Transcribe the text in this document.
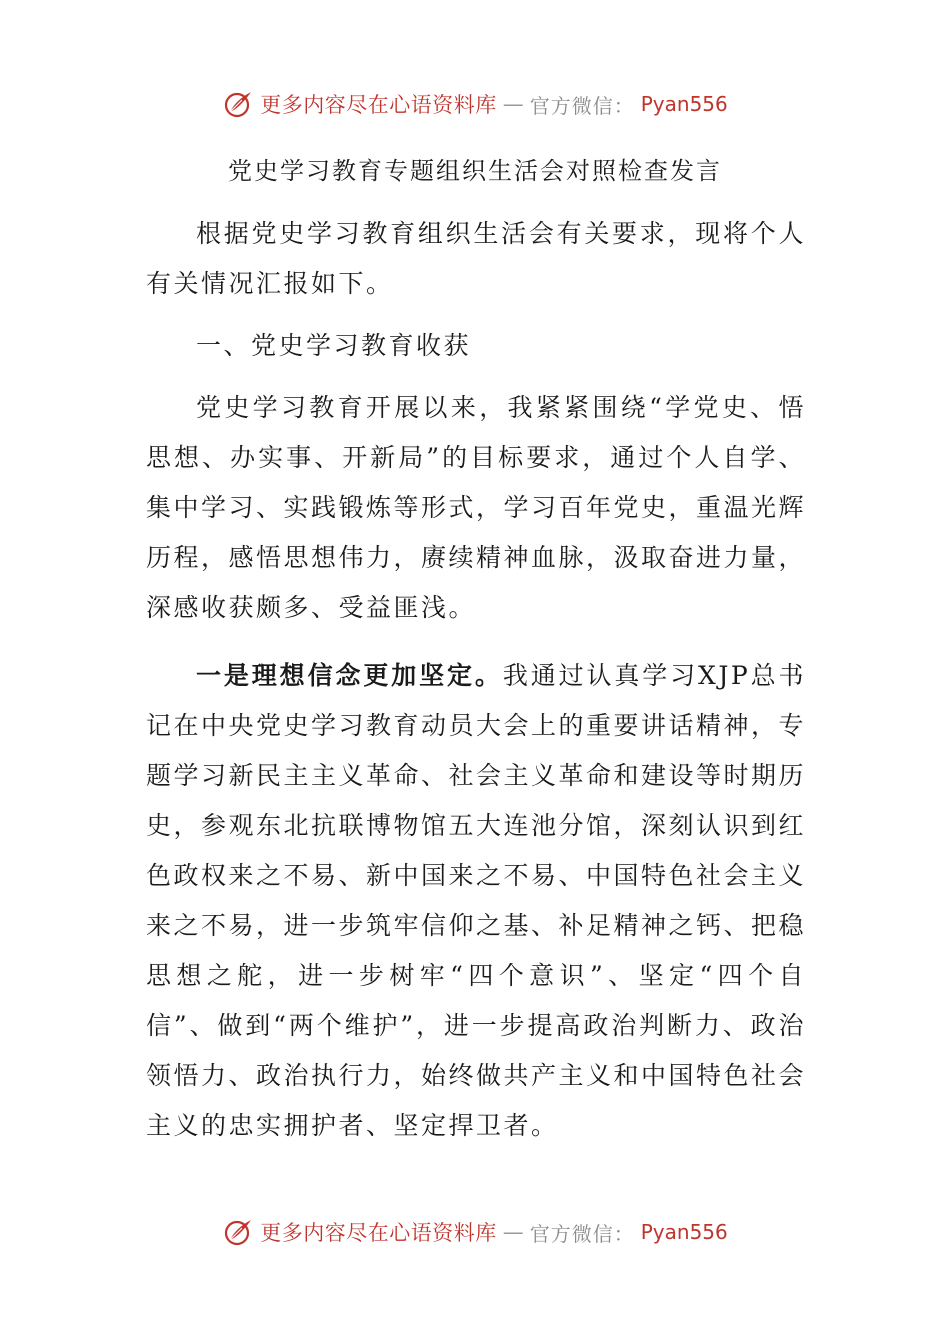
更多内容尽在心语资料库 — 官方微信： Pyan556
党史学习教育专题组织生活会对照检查发言

根据党史学习教育组织生活会有关要求，现将个人有关情况汇报如下。

一、党史学习教育收获

党史学习教育开展以来，我紧紧围绕“学党史、悟思想、办实事、开新局”的目标要求，通过个人自学、集中学习、实践锻炼等形式，学习百年党史，重温光辉历程，感悟思想伟力，赓续精神血脉，汲取奋进力量，深感收获颇多、受益匪浅。

一是理想信念更加坚定。我通过认真学习XJP总书记在中央党史学习教育动员大会上的重要讲话精神，专题学习新民主主义革命、社会主义革命和建设等时期历史，参观东北抗联博物馆五大连池分馆，深刻认识到红色政权来之不易、新中国来之不易、中国特色社会主义来之不易，进一步筑牢信仰之基、补足精神之钙、把稳思想之舵，进一步树牢“四个意识”、坚定“四个自信”、做到“两个维护”，进一步提高政治判断力、政治领悟力、政治执行力，始终做共产主义和中国特色社会主义的忠实拥护者、坚定捍卫者。

更多内容尽在心语资料库 — 官方微信： Pyan556
